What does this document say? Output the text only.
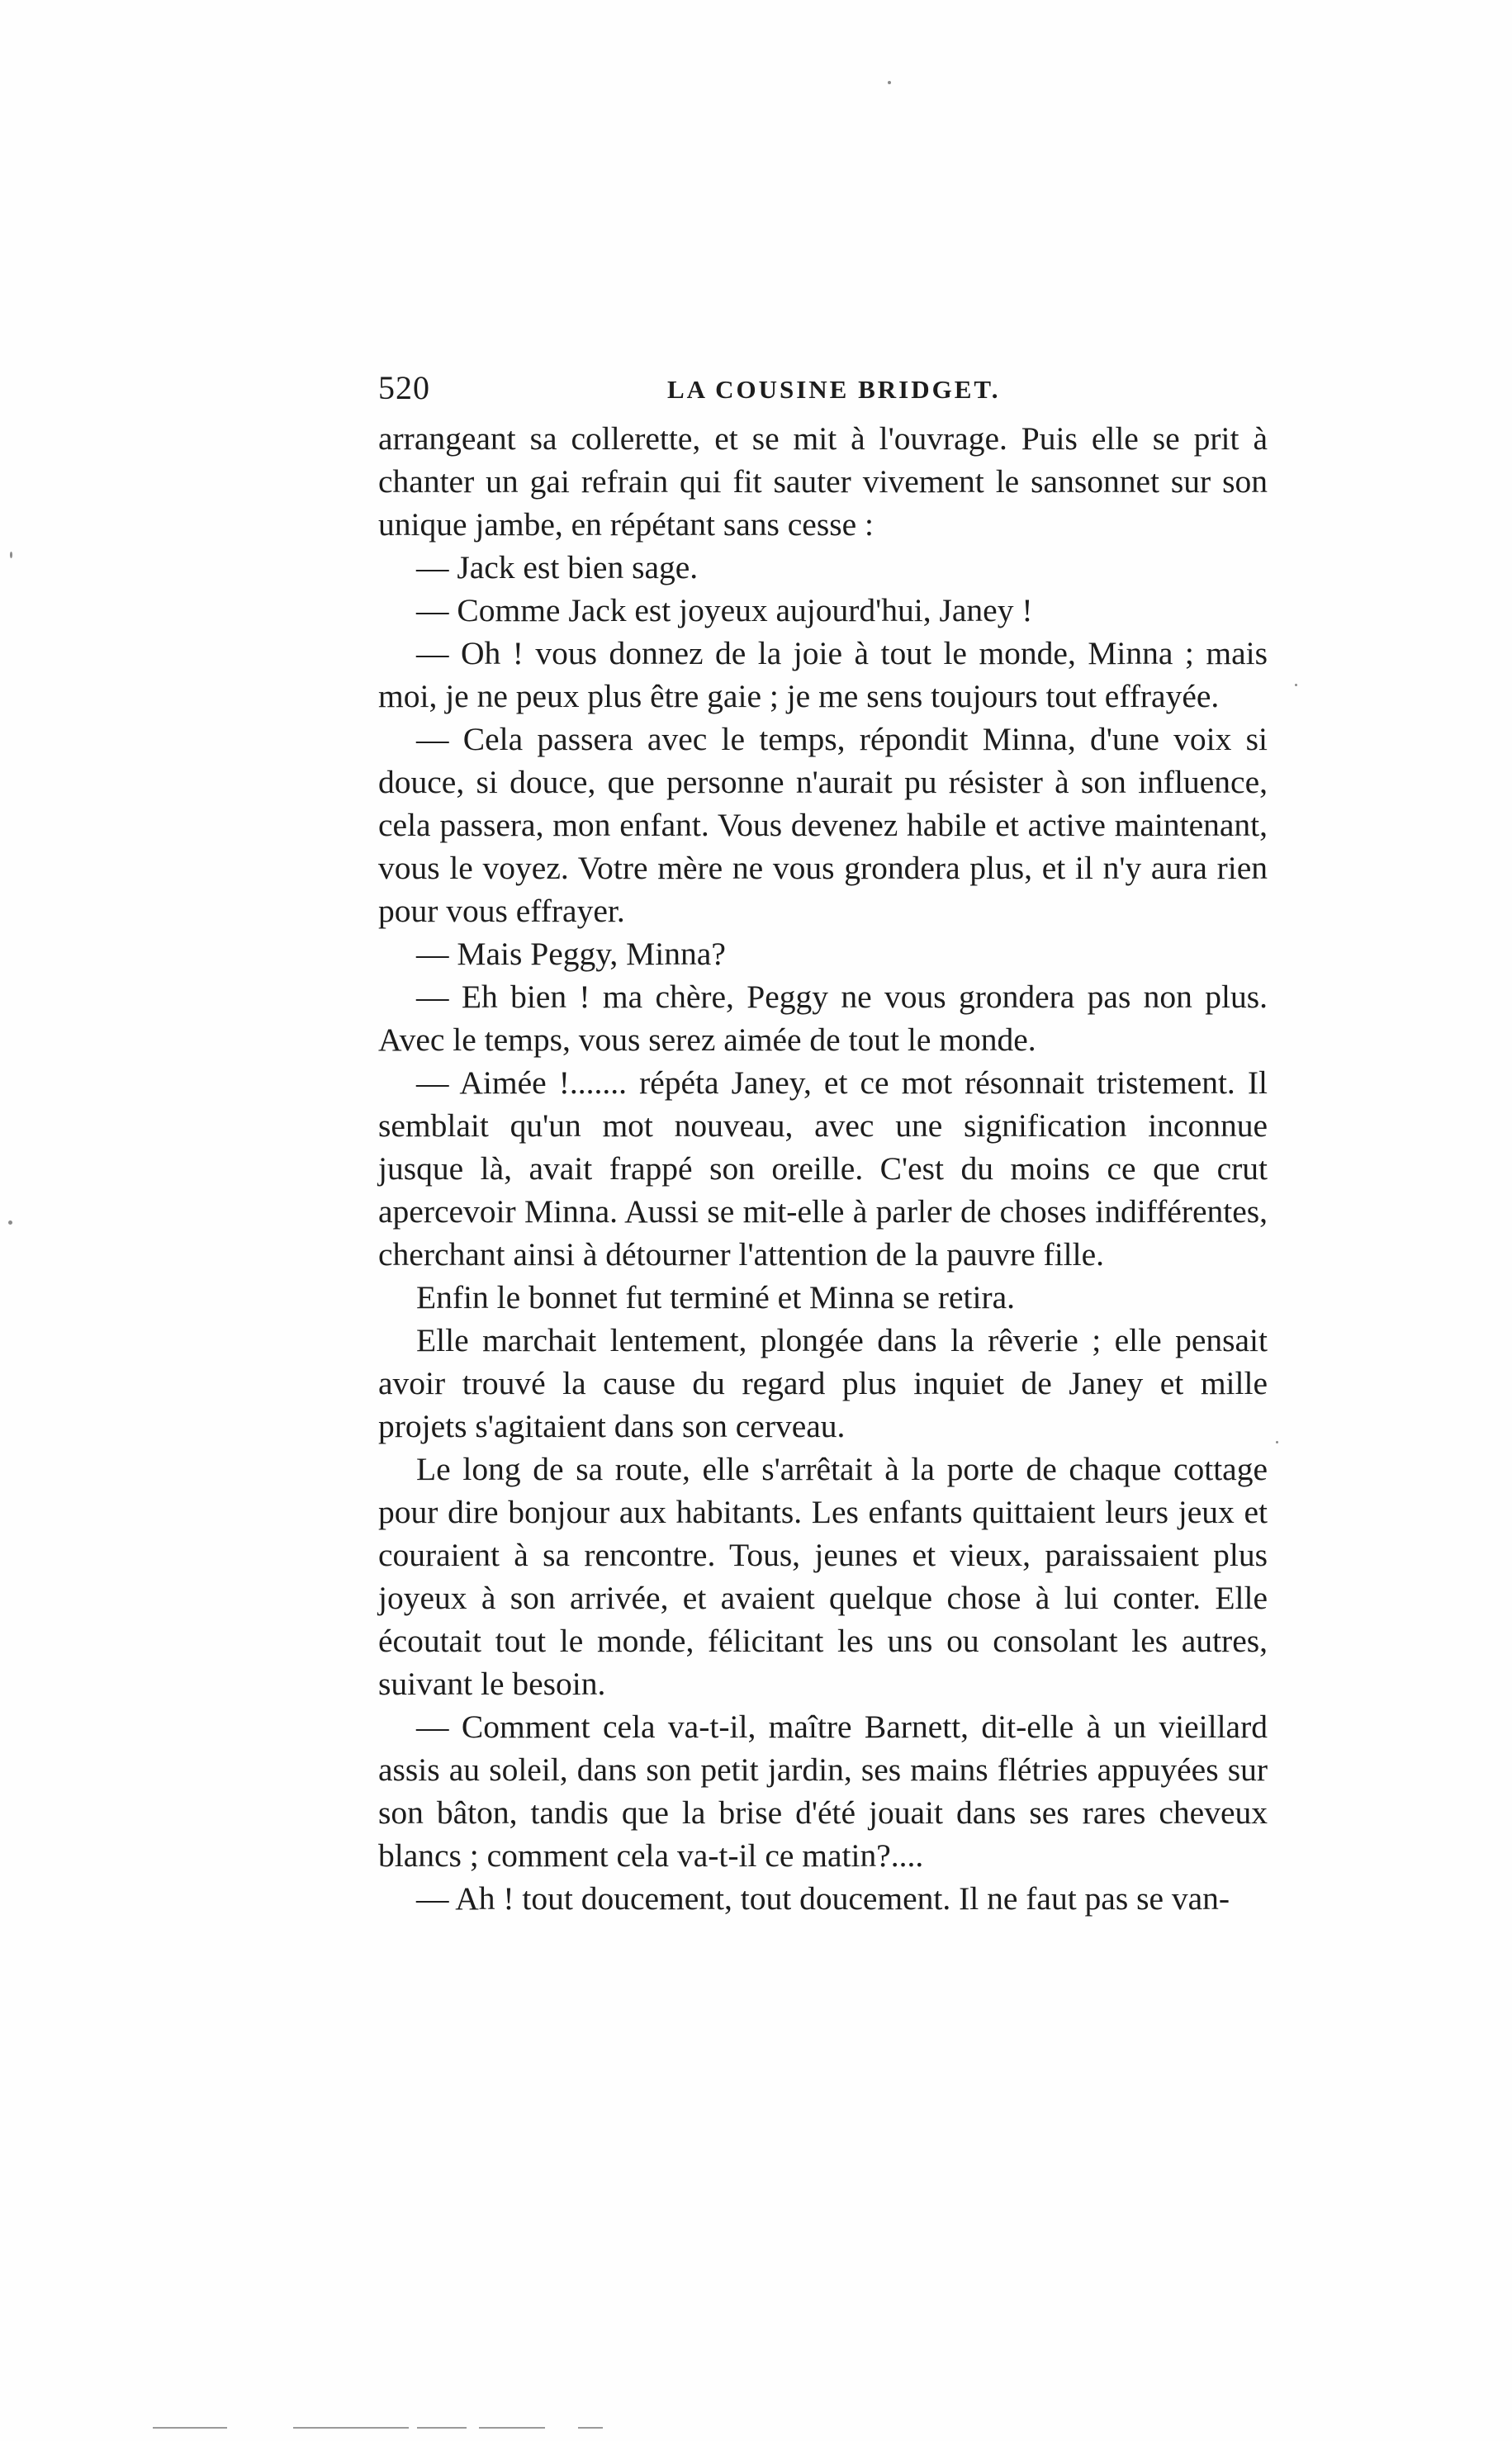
520	LA COUSINE BRIDGET.

arrangeant sa collerette, et se mit à l'ouvrage. Puis elle se prit à chanter un gai refrain qui fit sauter vivement le sansonnet sur son unique jambe, en répétant sans cesse :

— Jack est bien sage.

— Comme Jack est joyeux aujourd'hui, Janey !

— Oh ! vous donnez de la joie à tout le monde, Minna ; mais moi, je ne peux plus être gaie ; je me sens toujours tout effrayée.

— Cela passera avec le temps, répondit Minna, d'une voix si douce, si douce, que personne n'aurait pu résister à son influence, cela passera, mon enfant. Vous devenez habile et active maintenant, vous le voyez. Votre mère ne vous grondera plus, et il n'y aura rien pour vous effrayer.

— Mais Peggy, Minna?

— Eh bien ! ma chère, Peggy ne vous grondera pas non plus. Avec le temps, vous serez aimée de tout le monde.

— Aimée !....... répéta Janey, et ce mot résonnait tristement. Il semblait qu'un mot nouveau, avec une signification inconnue jusque là, avait frappé son oreille. C'est du moins ce que crut apercevoir Minna. Aussi se mit-elle à parler de choses indifférentes, cherchant ainsi à détourner l'attention de la pauvre fille.

Enfin le bonnet fut terminé et Minna se retira.

Elle marchait lentement, plongée dans la rêverie ; elle pensait avoir trouvé la cause du regard plus inquiet de Janey et mille projets s'agitaient dans son cerveau.

Le long de sa route, elle s'arrêtait à la porte de chaque cottage pour dire bonjour aux habitants. Les enfants quittaient leurs jeux et couraient à sa rencontre. Tous, jeunes et vieux, paraissaient plus joyeux à son arrivée, et avaient quelque chose à lui conter. Elle écoutait tout le monde, félicitant les uns ou consolant les autres, suivant le besoin.

— Comment cela va-t-il, maître Barnett, dit-elle à un vieillard assis au soleil, dans son petit jardin, ses mains flétries appuyées sur son bâton, tandis que la brise d'été jouait dans ses rares cheveux blancs ; comment cela va-t-il ce matin?....

— Ah ! tout doucement, tout doucement. Il ne faut pas se van-
